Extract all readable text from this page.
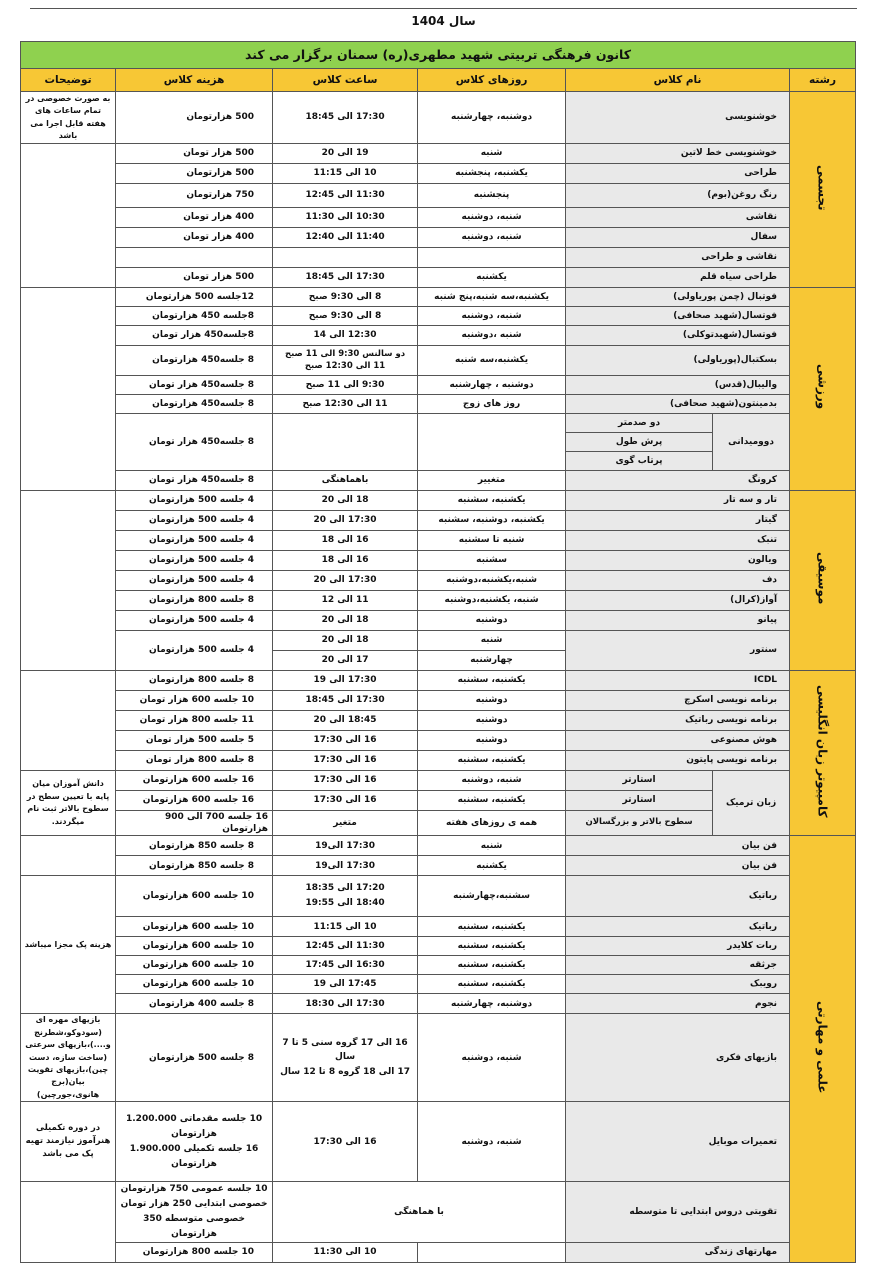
سال 1404
کانون فرهنگی تربیتی شهید مطهری(ره) سمنان برگزار می کند						
رشته	نام کلاس		روزهای کلاس	ساعت کلاس	هزینه کلاس	توضیحات
تجسمی	خوشنویسی		دوشنبه، چهارشنبه	17:30 الی 18:45	500 هزارتومان	به صورت خصوصی در تمام ساعات های هفته قابل اجرا می باشد
	خوشنویسی خط لاتین		شنبه	19 الی 20	500 هزار تومان	
	طراحی		یکشنبه، پنجشنبه	10 الی 11:15	500 هزارتومان	
	رنگ روغن(بوم)		پنجشنبه	11:30 الی 12:45	750 هزارتومان	
	نقاشی		شنبه، دوشنبه	10:30 الی 11:30	400 هزار تومان	
	سفال		شنبه، دوشنبه	11:40 الی 12:40	400 هزار تومان	
	نقاشی و طراحی					
	طراحی سیاه قلم		یکشنبه	17:30 الی 18:45	500 هزار تومان	
ورزشی	فوتبال (چمن پوریاولی)		یکشنبه،سه شنبه،پنج شنبه	8 الی 9:30 صبح	12جلسه 500 هزارتومان	
	فوتسال(شهید صحافی)		شنبه، دوشنبه	8 الی 9:30 صبح	8جلسه 450 هزارتومان	
	فوتسال(شهیدتوکلی)		شنبه ،دوشنبه	12:30 الی 14	8جلسه450 هزار تومان	
	بسکتبال(پوریاولی)		یکشنبه،سه شنبه	دو سالنس 9:30 الی 11 صبح
11 الی 12:30 صبح	8 جلسه450 هزارتومان	
	والیبال(قدس)		دوشنبه ، چهارشنبه	9:30 الی 11 صبح	8 جلسه450 هزار تومان	
	بدمینتون(شهید صحافی)		روز های زوج	11 الی 12:30 صبح	8 جلسه450 هزارتومان	
	دوومیدانی	دو صدمتر			8 جلسه450 هزار تومان	
		پرش طول				
		پرتاب گوی				
	کرونگ		متغییر	باهماهنگی	8 جلسه450 هزار تومان	
موسیقی	تار و سه تار		یکشنبه، سشنبه	18 الی 20	4 جلسه 500 هزارتومان	
	گیتار		یکشنبه، دوشنبه، سشنبه	17:30 الی 20	4 جلسه 500 هزارتومان	
	تنبک		شنبه تا سشنبه	16 الی 18	4 جلسه 500 هزارتومان	
	ویالون		سشنبه	16 الی 18	4 جلسه 500 هزارتومان	
	دف		شنبه،یکشنبه،دوشنبه	17:30 الی 20	4 جلسه 500 هزارتومان	
	آواز(کرال)		شنبه، یکشنبه،دوشنبه	11 الی 12	8 جلسه 800 هزارتومان	
	پیانو		دوشنبه	18 الی 20	4 جلسه 500 هزارتومان	
	سنتور		شنبه	18 الی 20	4 جلسه 500 هزارتومان	
			چهارشنبه	17 الی 20		
کامپیوتر زبان انگلیسی	ICDL		یکشنبه، سشنبه	17:30 الی 19	8 جلسه 800 هزارتومان	
	برنامه نویسی اسکرچ		دوشنبه	17:30 الی 18:45	10 جلسه 600 هزار تومان	
	برنامه نویسی رباتیک		دوشنبه	18:45 الی 20	11 جلسه 800 هزار تومان	
	هوش مصنوعی		دوشنبه	16 الی 17:30	5 جلسه 500 هزار تومان	
	برنامه نویسی پایتون		یکشنبه، سشنبه	16 الی 17:30	8 جلسه 800 هزار تومان	
	زبان ترمیک	استارتر	شنبه، دوشنبه	16 الی 17:30	16 جلسه 600 هزارتومان	دانش آموزان میان پایه با تعیین سطح در سطوح بالاتر ثبت نام میگردند.
		استارتر	یکشنبه، سشنبه	16 الی 17:30	16 جلسه 600 هزارتومان	
		سطوح بالاتر و بزرگسالان	همه ی روزهای هفته	متغیر	16 جلسه 700 الی 900 هزارتومان	
علمی و مهارتی	فن بیان		شنبه	17:30 الی19	8 جلسه 850 هزارتومان	
	فن بیان		یکشنبه	17:30 الی19	8 جلسه 850 هزارتومان	
	رباتیک		سشنبه،چهارشنبه	17:20 الی 18:35
18:40 الی 19:55	10 جلسه 600 هزارتومان	هزینه پک مجزا میباشد
	رباتیک		یکشنبه، سشنبه	10 الی 11:15	10 جلسه 600 هزارتومان	
	ربات کلایدر		یکشنبه، سشنبه	11:30 الی 12:45	10 جلسه 600 هزارتومان	
	جرثقه		یکشنبه، سشنبه	16:30 الی 17:45	10 جلسه 600 هزارتومان	
	رویبک		یکشنبه، سشنبه	17:45 الی 19	10 جلسه 600 هزارتومان	
	نجوم		دوشنبه، چهارشنبه	17:30 الی 18:30	8 جلسه 400 هزارتومان	
	بازیهای فکری		شنبه، دوشنبه	16 الی 17 گروه سنی 5 تا 7 سال
17 الی 18 گروه 8 تا 12 سال	8 جلسه 500 هزارتومان	بازیهای مهره ای (سودوکو،شطرنج و....)،بازیهای سرعتی (ساخت سازه، دست چین)،بازیهای تقویت بیان(برج هانوی،جورچین)
	تعمیرات موبایل		شنبه، دوشنبه	16 الی 17:30	10 جلسه مقدماتی 1.200.000 هزارتومان
16 جلسه تکمیلی 1.900.000 هزارتومان	در دوره تکمیلی هنرآموز نیازمند تهیه پک می باشد
	تقویتی دروس ابتدایی تا متوسطه		با هماهنگی		10 جلسه عمومی 750 هزارتومان
خصوصی ابتدایی 250 هزار تومان
خصوصی متوسطه 350 هزارتومان	

	مهارتهای زندگی			10 الی 11:30	10 جلسه 800 هزارتومان	
